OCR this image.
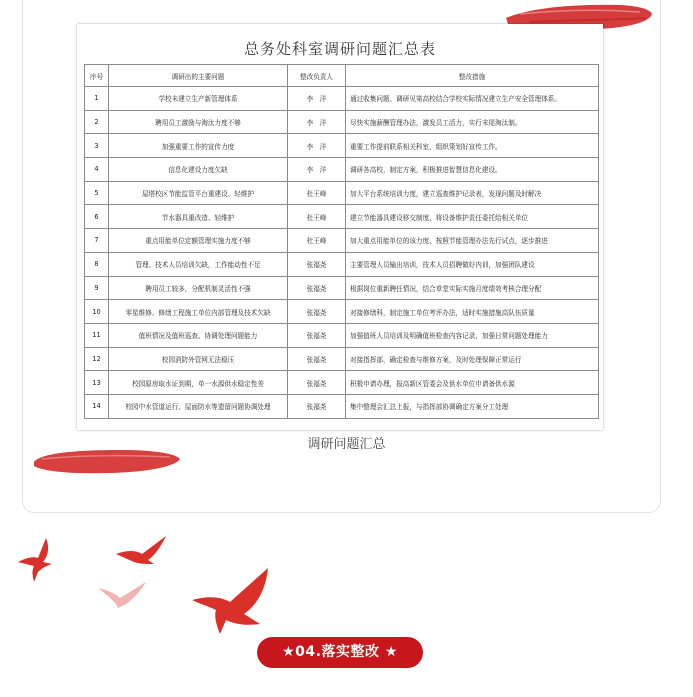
总务处科室调研问题汇总表
序号	调研出的主要问题	整改负责人	整改措施
1	学校未建立生产新管理体系	李　洋	通过收集问题、调研见第高校结合学校实际情况建立生产安全管理体系。
2	聘用员工激励与淘汰力度不够	李　洋	尽快实施薪酬管理办法，激发员工活力，实行末尾淘汰制。
3	加强重要工作的宣传力度	李　洋	重要工作提前联系相关科室，组织策划好宣传工作。
4	信息化建设力度欠缺	李　洋	调研各高校，制定方案，积极推进智慧信息化建设。
5	屋塔校区节能监管平台重建设、轻维护	杜王峰	加大平台系统培训力度，建立巡查维护记录表，发现问题及时解决
6	节水器具重改造、轻维护	杜王峰	建立节能器具建设移交制度，将设备维护责任委托给相关单位
7	重点用能单位定额管理实施力度不够	杜王峰	加大重点用能单位的该力度，按照节能管理办法先行试点，逐步推进
8	管理、技术人员培训欠缺，工作能动性不足	张福尧	主要管理人员输出培训，技术人员招聘做好内训，加强团队建设
9	聘用员工较多，分配机制灵活性不强	张福尧	根据岗位重新聘任情况，结合草堂实际实施月度绩效考核合理分配
10	零星维修、修缮工程施工单位内部管理及技术欠缺	张福尧	对接修缮科，制定施工单位考评办法，适时实施措施高队伍质量
11	值班情况及值班巡查、协调处理问题能力	张福尧	加强值班人员培训及明确值班检查内容记录，加强日常问题处理能力
12	校园消防外管网无法稳压	张福尧	对接指挥部，确定检查与维修方案，及时处理保障正常运行
13	校园原房取水证到期，单一水源供水稳定性差	张福尧	积极申请办理，报高新区管委会及供水单位申请备供水源
14	校园中水管道运行、屋面防水等遗留问题协调处理	张福尧	集中整理会汇总上报，与指挥部协调确定方案分工处理
调研问题汇总
★04.落实整改 ★
